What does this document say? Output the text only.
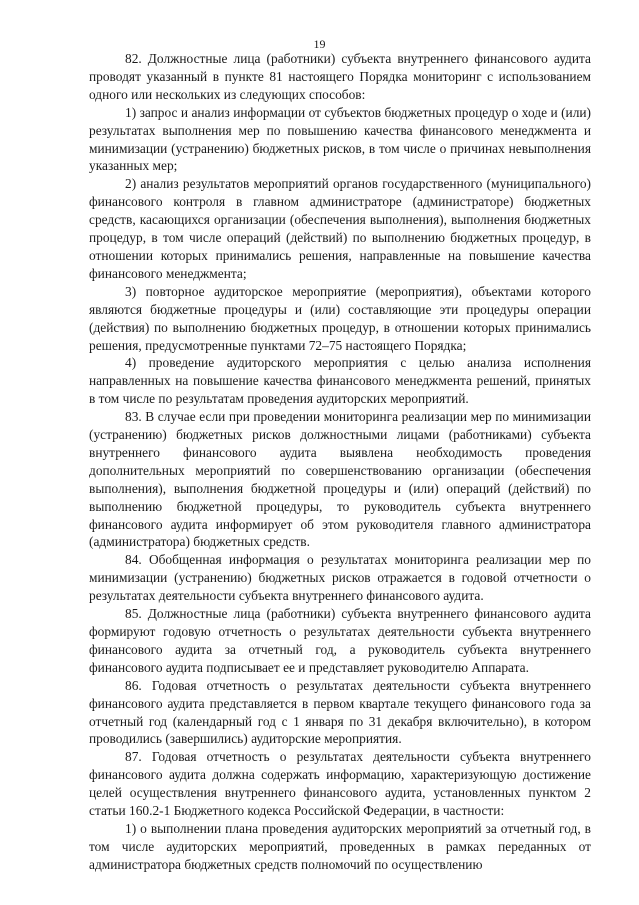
19

82. Должностные лица (работники) субъекта внутреннего финансового аудита проводят указанный в пункте 81 настоящего Порядка мониторинг с использованием одного или нескольких из следующих способов:

1) запрос и анализ информации от субъектов бюджетных процедур о ходе и (или) результатах выполнения мер по повышению качества финансового менеджмента и минимизации (устранению) бюджетных рисков, в том числе о причинах невыполнения указанных мер;

2) анализ результатов мероприятий органов государственного (муниципального) финансового контроля в главном администраторе (администраторе) бюджетных средств, касающихся организации (обеспечения выполнения), выполнения бюджетных процедур, в том числе операций (действий) по выполнению бюджетных процедур, в отношении которых принимались решения, направленные на повышение качества финансового менеджмента;

3) повторное аудиторское мероприятие (мероприятия), объектами которого являются бюджетные процедуры и (или) составляющие эти процедуры операции (действия) по выполнению бюджетных процедур, в отношении которых принимались решения, предусмотренные пунктами 72–75 настоящего Порядка;

4) проведение аудиторского мероприятия с целью анализа исполнения направленных на повышение качества финансового менеджмента решений, принятых в том числе по результатам проведения аудиторских мероприятий.

83. В случае если при проведении мониторинга реализации мер по минимизации (устранению) бюджетных рисков должностными лицами (работниками) субъекта внутреннего финансового аудита выявлена необходимость проведения дополнительных мероприятий по совершенствованию организации (обеспечения выполнения), выполнения бюджетной процедуры и (или) операций (действий) по выполнению бюджетной процедуры, то руководитель субъекта внутреннего финансового аудита информирует об этом руководителя главного администратора (администратора) бюджетных средств.

84. Обобщенная информация о результатах мониторинга реализации мер по минимизации (устранению) бюджетных рисков отражается в годовой отчетности о результатах деятельности субъекта внутреннего финансового аудита.

85. Должностные лица (работники) субъекта внутреннего финансового аудита формируют годовую отчетность о результатах деятельности субъекта внутреннего финансового аудита за отчетный год, а руководитель субъекта внутреннего финансового аудита подписывает ее и представляет руководителю Аппарата.

86. Годовая отчетность о результатах деятельности субъекта внутреннего финансового аудита представляется в первом квартале текущего финансового года за отчетный год (календарный год с 1 января по 31 декабря включительно), в котором проводились (завершились) аудиторские мероприятия.

87. Годовая отчетность о результатах деятельности субъекта внутреннего финансового аудита должна содержать информацию, характеризующую достижение целей осуществления внутреннего финансового аудита, установленных пунктом 2 статьи 160.2-1 Бюджетного кодекса Российской Федерации, в частности:

1) о выполнении плана проведения аудиторских мероприятий за отчетный год, в том числе аудиторских мероприятий, проведенных в рамках переданных от администратора бюджетных средств полномочий по осуществлению
